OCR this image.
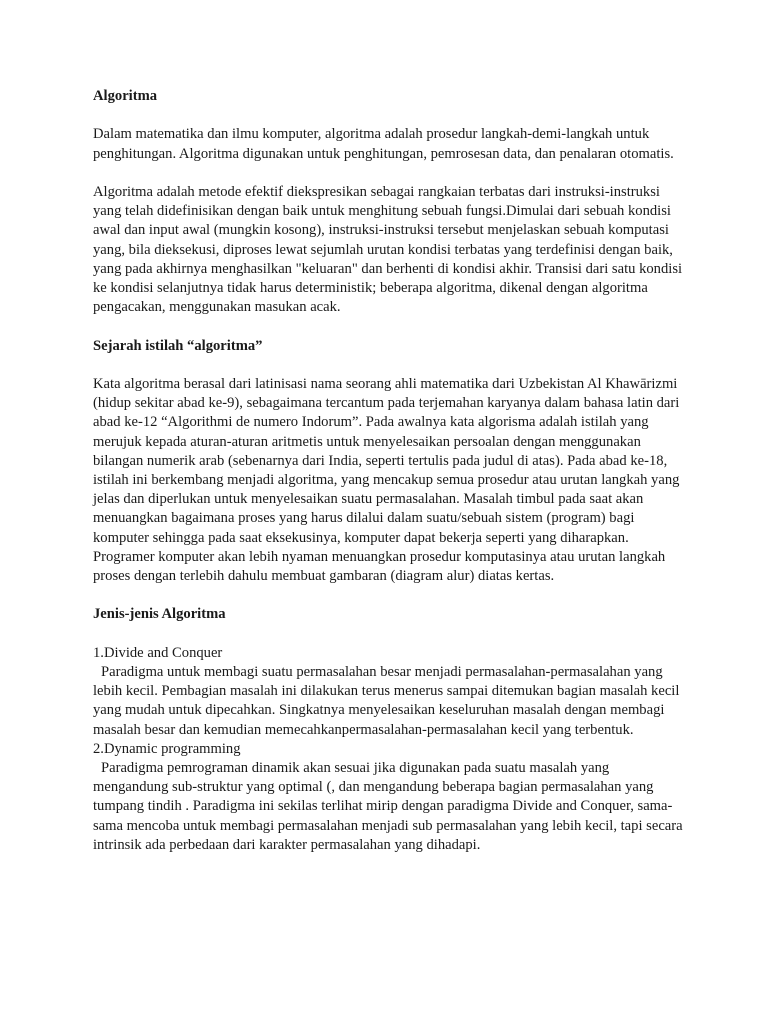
Algoritma
Dalam matematika dan ilmu komputer, algoritma adalah prosedur langkah-demi-langkah untuk penghitungan. Algoritma digunakan untuk penghitungan, pemrosesan data, dan penalaran otomatis.
Algoritma adalah metode efektif diekspresikan sebagai rangkaian terbatas dari instruksi-instruksi yang telah didefinisikan dengan baik untuk menghitung sebuah fungsi.Dimulai dari sebuah kondisi awal dan input awal (mungkin kosong), instruksi-instruksi tersebut menjelaskan sebuah komputasi yang, bila dieksekusi, diproses lewat sejumlah urutan kondisi terbatas yang terdefinisi dengan baik, yang pada akhirnya menghasilkan "keluaran" dan berhenti di kondisi akhir. Transisi dari satu kondisi ke kondisi selanjutnya tidak harus deterministik; beberapa algoritma, dikenal dengan algoritma pengacakan, menggunakan masukan acak.
Sejarah istilah “algoritma”
Kata algoritma berasal dari latinisasi nama seorang ahli matematika dari Uzbekistan Al Khawārizmi (hidup sekitar abad ke-9), sebagaimana tercantum pada terjemahan karyanya dalam bahasa latin dari abad ke-12 “Algorithmi de numero Indorum”. Pada awalnya kata algorisma adalah istilah yang merujuk kepada aturan-aturan aritmetis untuk menyelesaikan persoalan dengan menggunakan bilangan numerik arab (sebenarnya dari India, seperti tertulis pada judul di atas). Pada abad ke-18, istilah ini berkembang menjadi algoritma, yang mencakup semua prosedur atau urutan langkah yang jelas dan diperlukan untuk menyelesaikan suatu permasalahan. Masalah timbul pada saat akan menuangkan bagaimana proses yang harus dilalui dalam suatu/sebuah sistem (program) bagi komputer sehingga pada saat eksekusinya, komputer dapat bekerja seperti yang diharapkan. Programer komputer akan lebih nyaman menuangkan prosedur komputasinya atau urutan langkah proses dengan terlebih dahulu membuat gambaran (diagram alur) diatas kertas.
Jenis-jenis Algoritma
1.Divide and Conquer
Paradigma untuk membagi suatu permasalahan besar menjadi permasalahan-permasalahan yang lebih kecil. Pembagian masalah ini dilakukan terus menerus sampai ditemukan bagian masalah kecil yang mudah untuk dipecahkan. Singkatnya menyelesaikan keseluruhan masalah dengan membagi masalah besar dan kemudian memecahkanpermasalahan-permasalahan kecil yang terbentuk.
2.Dynamic programming
Paradigma pemrograman dinamik akan sesuai jika digunakan pada suatu masalah yang mengandung sub-struktur yang optimal (, dan mengandung beberapa bagian permasalahan yang tumpang tindih . Paradigma ini sekilas terlihat mirip dengan paradigma Divide and Conquer, sama-sama mencoba untuk membagi permasalahan menjadi sub permasalahan yang lebih kecil, tapi secara intrinsik ada perbedaan dari karakter permasalahan yang dihadapi.
